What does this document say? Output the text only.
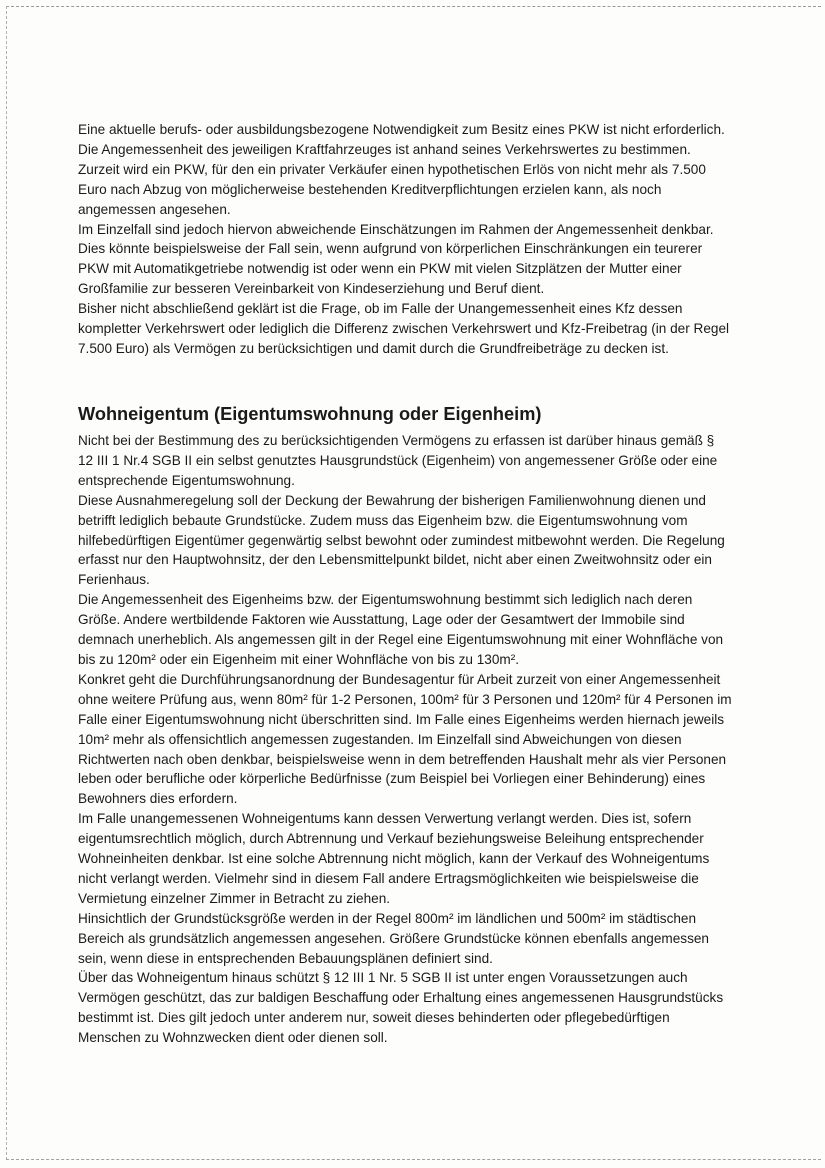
Eine aktuelle berufs- oder ausbildungsbezogene Notwendigkeit zum Besitz eines PKW ist nicht erforderlich.
Die Angemessenheit des jeweiligen Kraftfahrzeuges ist anhand seines Verkehrswertes zu bestimmen.
Zurzeit wird ein PKW, für den ein privater Verkäufer einen hypothetischen Erlös von nicht mehr als 7.500
Euro nach Abzug von möglicherweise bestehenden Kreditverpflichtungen erzielen kann, als noch
angemessen angesehen.
Im Einzelfall sind jedoch hiervon abweichende Einschätzungen im Rahmen der Angemessenheit denkbar.
Dies könnte beispielsweise der Fall sein, wenn aufgrund von körperlichen Einschränkungen ein teurerer
PKW mit Automatikgetriebe notwendig ist oder wenn ein PKW mit vielen Sitzplätzen der Mutter einer
Großfamilie zur besseren Vereinbarkeit von Kindeserziehung und Beruf dient.
Bisher nicht abschließend geklärt ist die Frage, ob im Falle der Unangemessenheit eines Kfz dessen
kompletter Verkehrswert oder lediglich die Differenz zwischen Verkehrswert und Kfz-Freibetrag (in der Regel
7.500 Euro) als Vermögen zu berücksichtigen und damit durch die Grundfreibeträge zu decken ist.
Wohneigentum (Eigentumswohnung oder Eigenheim)
Nicht bei der Bestimmung des zu berücksichtigenden Vermögens zu erfassen ist darüber hinaus gemäß §
12 III 1 Nr.4 SGB II ein selbst genutztes Hausgrundstück (Eigenheim) von angemessener Größe oder eine
entsprechende Eigentumswohnung.
Diese Ausnahmeregelung soll der Deckung der Bewahrung der bisherigen Familienwohnung dienen und
betrifft lediglich bebaute Grundstücke. Zudem muss das Eigenheim bzw. die Eigentumswohnung vom
hilfebedürftigen Eigentümer gegenwärtig selbst bewohnt oder zumindest mitbewohnt werden. Die Regelung
erfasst nur den Hauptwohnsitz, der den Lebensmittelpunkt bildet, nicht aber einen Zweitwohnsitz oder ein
Ferienhaus.
Die Angemessenheit des Eigenheims bzw. der Eigentumswohnung bestimmt sich lediglich nach deren
Größe. Andere wertbildende Faktoren wie Ausstattung, Lage oder der Gesamtwert der Immobile sind
demnach unerheblich. Als angemessen gilt in der Regel eine Eigentumswohnung mit einer Wohnfläche von
bis zu 120m² oder ein Eigenheim mit einer Wohnfläche von bis zu 130m².
Konkret geht die Durchführungsanordnung der Bundesagentur für Arbeit zurzeit von einer Angemessenheit
ohne weitere Prüfung aus, wenn 80m² für 1-2 Personen, 100m² für 3 Personen und 120m² für 4 Personen im
Falle einer Eigentumswohnung nicht überschritten sind. Im Falle eines Eigenheims werden hiernach jeweils
10m² mehr als offensichtlich angemessen zugestanden. Im Einzelfall sind Abweichungen von diesen
Richtwerten nach oben denkbar, beispielsweise wenn in dem betreffenden Haushalt mehr als vier Personen
leben oder berufliche oder körperliche Bedürfnisse (zum Beispiel bei Vorliegen einer Behinderung) eines
Bewohners dies erfordern.
Im Falle unangemessenen Wohneigentums kann dessen Verwertung verlangt werden. Dies ist, sofern
eigentumsrechtlich möglich, durch Abtrennung und Verkauf beziehungsweise Beleihung entsprechender
Wohneinheiten denkbar. Ist eine solche Abtrennung nicht möglich, kann der Verkauf des Wohneigentums
nicht verlangt werden. Vielmehr sind in diesem Fall andere Ertragsmöglichkeiten wie beispielsweise die
Vermietung einzelner Zimmer in Betracht zu ziehen.
Hinsichtlich der Grundstücksgröße werden in der Regel 800m² im ländlichen und 500m² im städtischen
Bereich als grundsätzlich angemessen angesehen. Größere Grundstücke können ebenfalls angemessen
sein, wenn diese in entsprechenden Bebauungsplänen definiert sind.
Über das Wohneigentum hinaus schützt § 12 III 1 Nr. 5 SGB II ist unter engen Voraussetzungen auch
Vermögen geschützt, das zur baldigen Beschaffung oder Erhaltung eines angemessenen Hausgrundstücks
bestimmt ist. Dies gilt jedoch unter anderem nur, soweit dieses behinderten oder pflegebedürftigen
Menschen zu Wohnzwecken dient oder dienen soll.
